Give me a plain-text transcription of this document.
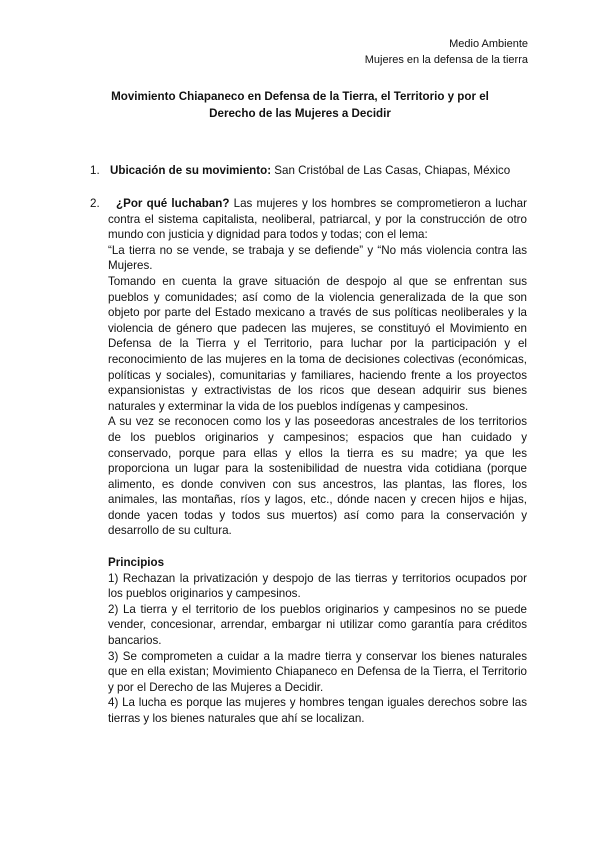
Medio Ambiente
Mujeres en la defensa de la tierra
Movimiento Chiapaneco en Defensa de la Tierra, el Territorio y por el
Derecho de las Mujeres a Decidir
1. Ubicación de su movimiento: San Cristóbal de Las Casas, Chiapas, México
2.	¿Por qué luchaban? Las mujeres y los hombres se comprometieron a luchar contra el sistema capitalista, neoliberal, patriarcal, y por la construcción de otro mundo con justicia y dignidad para todos y todas; con el lema:

“La tierra no se vende, se trabaja y se defiende” y “No más violencia contra las Mujeres.

Tomando en cuenta la grave situación de despojo al que se enfrentan sus pueblos y comunidades; así como de la violencia generalizada de la que son objeto por parte del Estado mexicano a través de sus políticas neoliberales y la violencia de género que padecen las mujeres, se constituyó el Movimiento en Defensa de la Tierra y el Territorio, para luchar por la participación y el reconocimiento de las mujeres en la toma de decisiones colectivas (económicas, políticas y sociales), comunitarias y familiares, haciendo frente a los proyectos expansionistas y extractivistas de los ricos que desean adquirir sus bienes naturales y exterminar la vida de los pueblos indígenas y campesinos.

A su vez se reconocen como los y las poseedoras ancestrales de los territorios de los pueblos originarios y campesinos; espacios que han cuidado y conservado, porque para ellas y ellos la tierra es su madre; ya que les proporciona un lugar para la sostenibilidad de nuestra vida cotidiana (porque alimento, es donde conviven con sus ancestros, las plantas, las flores, los animales, las montañas, ríos y lagos, etc., dónde nacen y crecen hijos e hijas, donde yacen todas y todos sus muertos) así como para la conservación y desarrollo de su cultura.

Principios

1) Rechazan la privatización y despojo de las tierras y territorios ocupados por los pueblos originarios y campesinos.

2) La tierra y el territorio de los pueblos originarios y campesinos no se puede vender, concesionar, arrendar, embargar ni utilizar como garantía para créditos bancarios.

3) Se comprometen a cuidar a la madre tierra y conservar los bienes naturales que en ella existan; Movimiento Chiapaneco en Defensa de la Tierra, el Territorio y por el Derecho de las Mujeres a Decidir.

4) La lucha es porque las mujeres y hombres tengan iguales derechos sobre las tierras y los bienes naturales que ahí se localizan.
